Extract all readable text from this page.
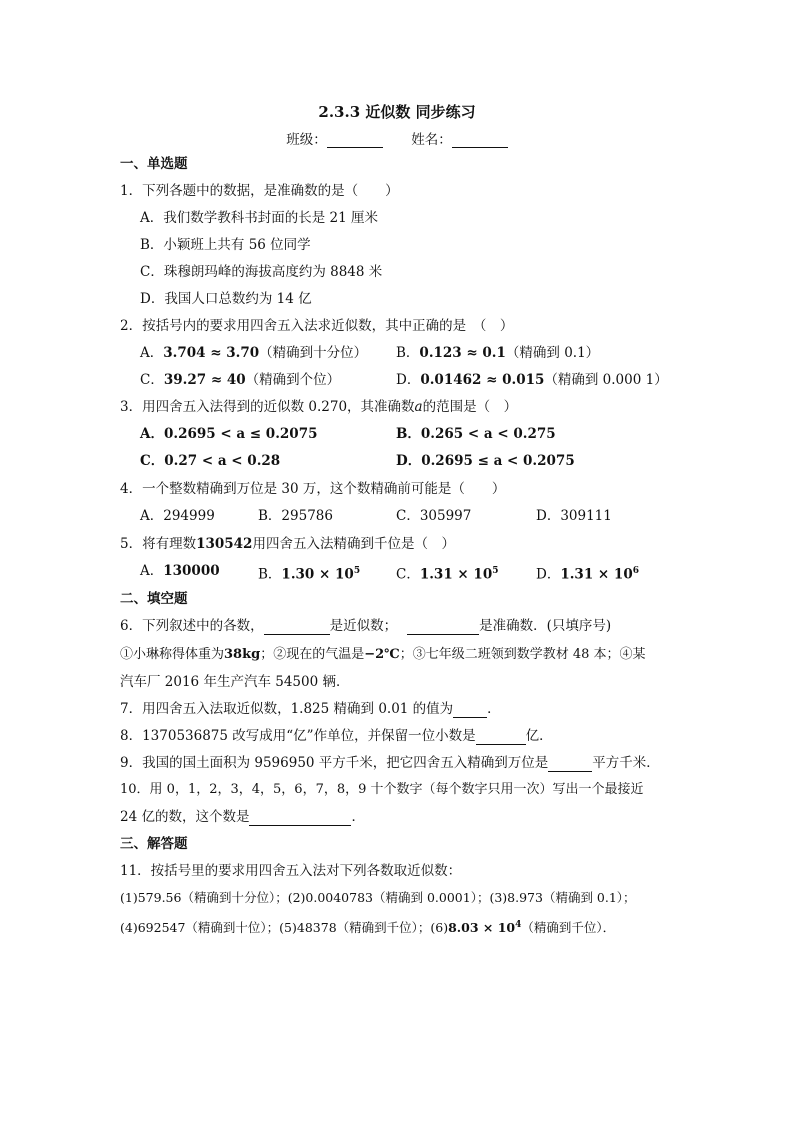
2.3.3 近似数 同步练习
班级：	姓名：
一、单选题
1．下列各题中的数据，是准确数的是（　　）
A．我们数学教科书封面的长是 21 厘米
B．小颖班上共有 56 位同学
C．珠穆朗玛峰的海拔高度约为 8848 米
D．我国人口总数约为 14 亿
2．按括号内的要求用四舍五入法求近似数，其中正确的是　（　）
A．3.704 ≈ 3.70（精确到十分位） B．0.123 ≈ 0.1（精确到 0.1）
C．39.27 ≈ 40（精确到个位）	D．0.01462 ≈ 0.015（精确到 0.000 1）
3．用四舍五入法得到的近似数 0.270，其准确数a的范围是（　）
A．0.2695 < a ≤ 0.2075	B．0.265 < a < 0.275
C．0.27 < a < 0.28	D．0.2695 ≤ a < 0.2075
4．一个整数精确到万位是 30 万，这个数精确前可能是（　　）
A．294999	B．295786	C．305997	D．309111
5．将有理数130542用四舍五入法精确到千位是（　）
A．130000	B．$1.30 \times 10^5$	C．$1.31 \times 10^5$	D．$1.31 \times 10^6$
二、填空题
6．下列叙述中的各数，	是近似数；	是准确数．(只填序号)
①小琳称得体重为38kg；②现在的气温是−2℃；③七年级二班领到数学教材 48 本；④某
汽车厂 2016 年生产汽车 54500 辆．
7．用四舍五入法取近似数，1.825 精确到 0.01 的值为	．
8．1370536875 改写成用“亿”作单位，并保留一位小数是	亿．
9．我国的国土面积为 9596950 平方千米，把它四舍五入精确到万位是	平方千米．
10．用 0，1，2，3，4，5，6，7，8，9 十个数字（每个数字只用一次）写出一个最接近
24 亿的数，这个数是	．
三、解答题
11．按括号里的要求用四舍五入法对下列各数取近似数：
(1)579.56（精确到十分位）；(2)0.0040783（精确到 0.0001）；(3)8.973（精确到 0.1）；
(4)692547（精确到十位）；(5)48378（精确到千位）；$(6)8.03 \times 10^4$（精确到千位）．
